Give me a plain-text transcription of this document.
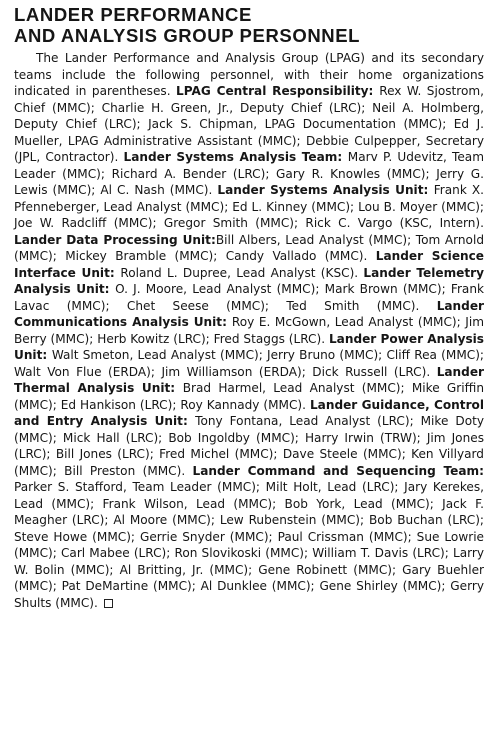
LANDER PERFORMANCE
AND ANALYSIS GROUP PERSONNEL

The Lander Performance and Analysis Group (LPAG) and its secondary teams include the following personnel, with their home organizations indicated in parentheses. LPAG Central Responsibility: Rex W. Sjostrom, Chief (MMC); Charlie H. Green, Jr., Deputy Chief (LRC); Neil A. Holmberg, Deputy Chief (LRC); Jack S. Chipman, LPAG Documentation (MMC); Ed J. Mueller, LPAG Administrative Assistant (MMC); Debbie Culpepper, Secretary (JPL, Contractor). Lander Systems Analysis Team: Marv P. Udevitz, Team Leader (MMC); Richard A. Bender (LRC); Gary R. Knowles (MMC); Jerry G. Lewis (MMC); Al C. Nash (MMC). Lander Systems Analysis Unit: Frank X. Pfenneberger, Lead Analyst (MMC); Ed L. Kinney (MMC); Lou B. Moyer (MMC); Joe W. Radcliff (MMC); Gregor Smith (MMC); Rick C. Vargo (KSC, Intern). Lander Data Processing Unit:Bill Albers, Lead Analyst (MMC); Tom Arnold (MMC); Mickey Bramble (MMC); Candy Vallado (MMC). Lander Science Interface Unit: Roland L. Dupree, Lead Analyst (KSC). Lander Telemetry Analysis Unit: O. J. Moore, Lead Analyst (MMC); Mark Brown (MMC); Frank Lavac (MMC); Chet Seese (MMC); Ted Smith (MMC). Lander Communications Analysis Unit: Roy E. McGown, Lead Analyst (MMC); Jim Berry (MMC); Herb Kowitz (LRC); Fred Staggs (LRC). Lander Power Analysis Unit: Walt Smeton, Lead Analyst (MMC); Jerry Bruno (MMC); Cliff Rea (MMC); Walt Von Flue (ERDA); Jim Williamson (ERDA); Dick Russell (LRC). Lander Thermal Analysis Unit: Brad Harmel, Lead Analyst (MMC); Mike Griffin (MMC); Ed Hankison (LRC); Roy Kannady (MMC). Lander Guidance, Control and Entry Analysis Unit: Tony Fontana, Lead Analyst (LRC); Mike Doty (MMC); Mick Hall (LRC); Bob Ingoldby (MMC); Harry Irwin (TRW); Jim Jones (LRC); Bill Jones (LRC); Fred Michel (MMC); Dave Steele (MMC); Ken Villyard (MMC); Bill Preston (MMC). Lander Command and Sequencing Team: Parker S. Stafford, Team Leader (MMC); Milt Holt, Lead (LRC); Jary Kerekes, Lead (MMC); Frank Wilson, Lead (MMC); Bob York, Lead (MMC); Jack F. Meagher (LRC); Al Moore (MMC); Lew Rubenstein (MMC); Bob Buchan (LRC); Steve Howe (MMC); Gerrie Snyder (MMC); Paul Crissman (MMC); Sue Lowrie (MMC); Carl Mabee (LRC); Ron Slovikoski (MMC); William T. Davis (LRC); Larry W. Bolin (MMC); Al Britting, Jr. (MMC); Gene Robinett (MMC); Gary Buehler (MMC); Pat DeMartine (MMC); Al Dunklee (MMC); Gene Shirley (MMC); Gerry Shults (MMC).
